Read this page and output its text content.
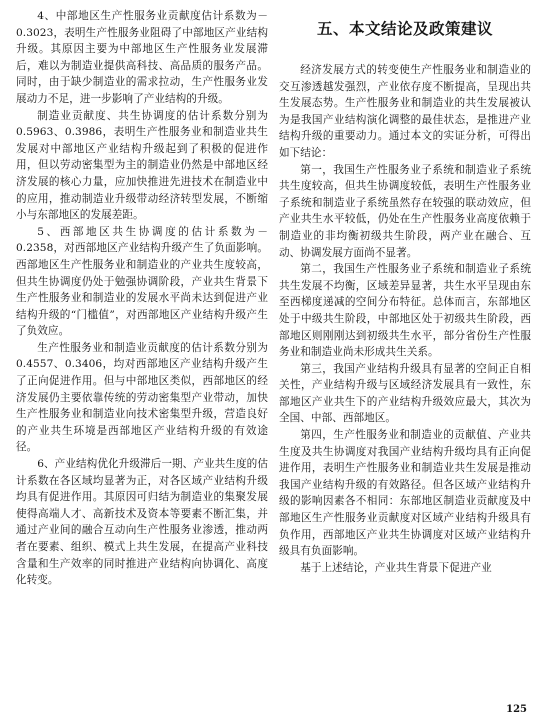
4、中部地区生产性服务业贡献度估计系数为－0.3023，表明生产性服务业阻碍了中部地区产业结构升级。其原因主要为中部地区生产性服务业发展滞后，难以为制造业提供高科技、高品质的服务产品。同时，由于缺少制造业的需求拉动，生产性服务业发展动力不足，进一步影响了产业结构的升级。

制造业贡献度、共生协调度的估计系数分别为0.5963、0.3986，表明生产性服务业和制造业共生发展对中部地区产业结构升级起到了积极的促进作用，但以劳动密集型为主的制造业仍然是中部地区经济发展的核心力量，应加快推进先进技术在制造业中的应用，推动制造业升级带动经济转型发展，不断缩小与东部地区的发展差距。

5、西部地区共生协调度的估计系数为－0.2358，对西部地区产业结构升级产生了负面影响。西部地区生产性服务业和制造业的产业共生度较高，但共生协调度仍处于勉强协调阶段，产业共生背景下生产性服务业和制造业的发展水平尚未达到促进产业结构升级的“门槛值”，对西部地区产业结构升级产生了负效应。

生产性服务业和制造业贡献度的估计系数分别为0.4557、0.3406，均对西部地区产业结构升级产生了正向促进作用。但与中部地区类似，西部地区的经济发展仍主要依靠传统的劳动密集型产业带动，加快生产性服务业和制造业向技术密集型升级，营造良好的产业共生环境是西部地区产业结构升级的有效途径。

6、产业结构优化升级滞后一期、产业共生度的估计系数在各区域均显著为正，对各区域产业结构升级均具有促进作用。其原因可归结为制造业的集聚发展使得高端人才、高新技术及资本等要素不断汇集，并通过产业间的融合互动向生产性服务业渗透，推动两者在要素、组织、模式上共生发展，在提高产业科技含量和生产效率的同时推进产业结构向协调化、高度化转变。

五、本文结论及政策建议

经济发展方式的转变使生产性服务业和制造业的交互渗透越发强烈，产业依存度不断提高，呈现出共生发展态势。生产性服务业和制造业的共生发展被认为是我国产业结构演化调整的最佳状态，是推进产业结构升级的重要动力。通过本文的实证分析，可得出如下结论：

第一，我国生产性服务业子系统和制造业子系统共生度较高，但共生协调度较低，表明生产性服务业子系统和制造业子系统虽然存在较强的联动效应，但产业共生水平较低，仍处在生产性服务业高度依赖于制造业的非均衡初级共生阶段，两产业在融合、互动、协调发展方面尚不显著。

第二，我国生产性服务业子系统和制造业子系统共生发展不均衡，区域差异显著，共生水平呈现由东至西梯度递减的空间分布特征。总体而言，东部地区处于中级共生阶段，中部地区处于初级共生阶段，西部地区则刚刚达到初级共生水平，部分省份生产性服务业和制造业尚未形成共生关系。

第三，我国产业结构升级具有显著的空间正自相关性，产业结构升级与区域经济发展具有一致性，东部地区产业共生下的产业结构升级效应最大，其次为全国、中部、西部地区。

第四，生产性服务业和制造业的贡献值、产业共生度及共生协调度对我国产业结构升级均具有正向促进作用，表明生产性服务业和制造业共生发展是推动我国产业结构升级的有效路径。但各区域产业结构升级的影响因素各不相同：东部地区制造业贡献度及中部地区生产性服务业贡献度对区域产业结构升级具有负作用，西部地区产业共生协调度对区域产业结构升级具有负面影响。

基于上述结论，产业共生背景下促进产业

125
